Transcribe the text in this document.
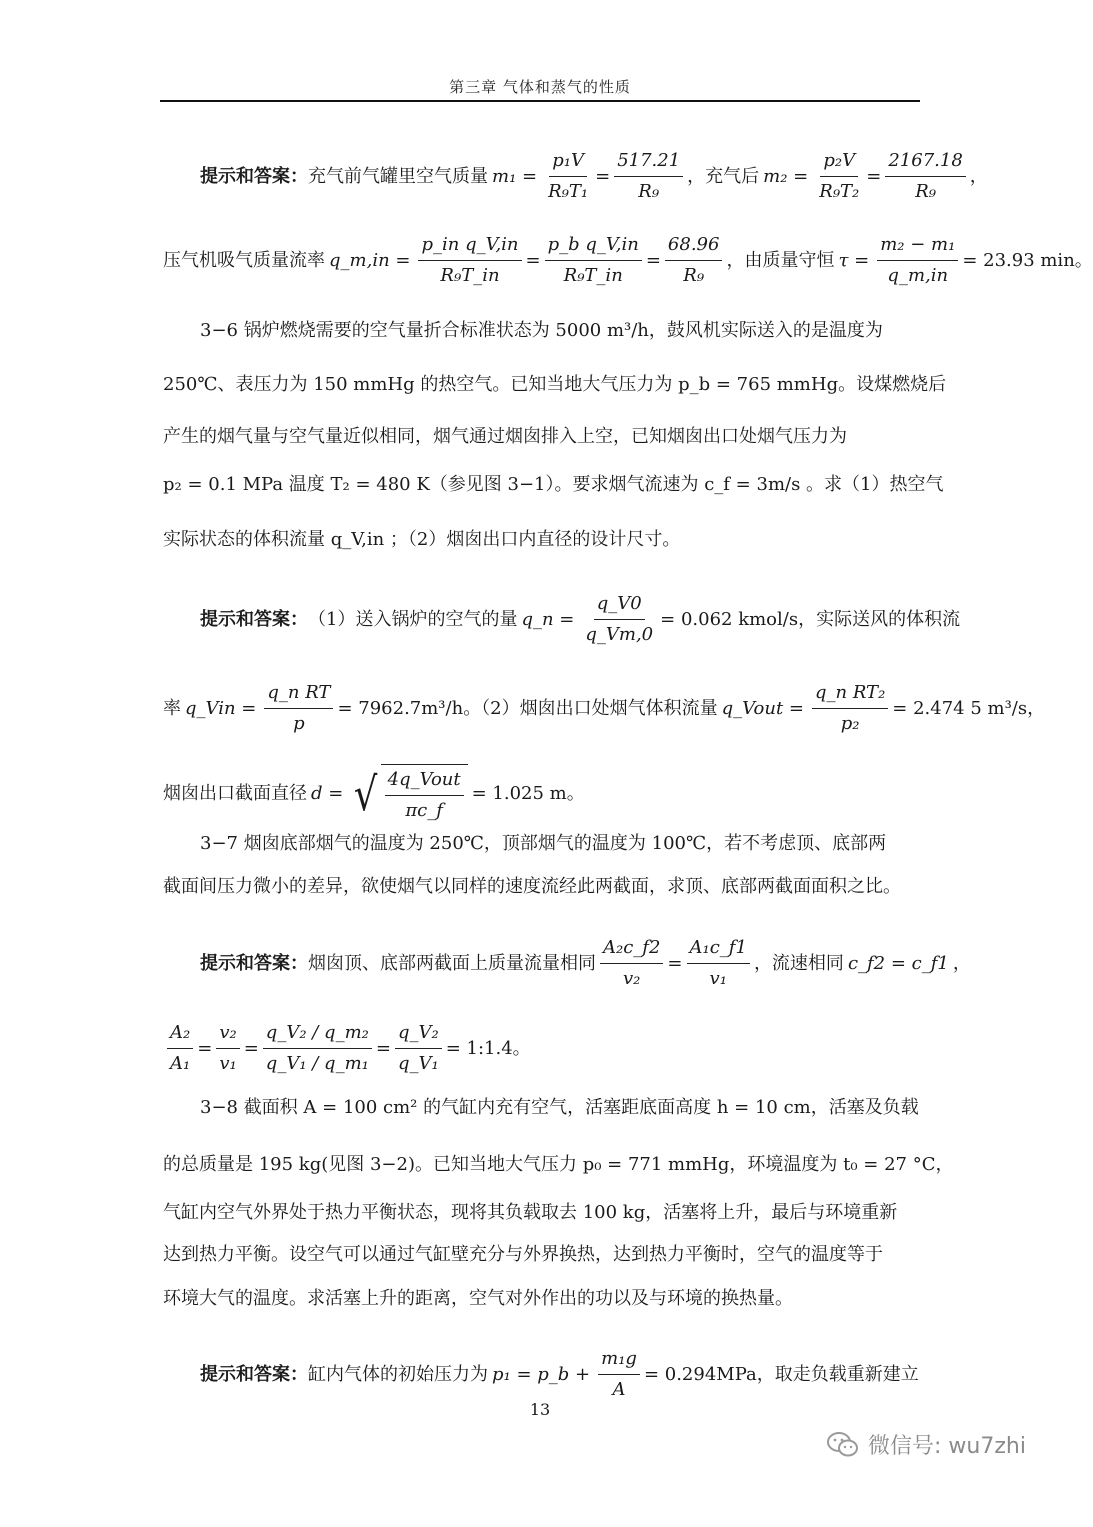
第三章 气体和蒸气的性质
提示和答案： 充气前气罐里空气质量 $m_1 = \frac{\text{p₁V}}{\text{R₉T₁}} = \frac{517.21}{\text{R₉}}$ ，充气后 $m_2 = \frac{\text{p₂V}}{\text{R₉T₂}} = \frac{2167.18}{\text{R₉}}$ ，
压气机吸气质量流率 q_m,in = $\frac{\text{p\_in q\_V,in}}{\text{R₉T\_in}} = \frac{\text{p\_b q\_V,in}}{\text{R₉T\_in}} = \frac{68.96}{\text{R₉}}$ ，由质量守恒 $\tau = \frac{\text{m₂ − m₁}}{q\_m,in} = 23.93$ min 。
3−6 锅炉燃烧需要的空气量折合标准状态为 5000 m³/h，鼓风机实际送入的是温度为
250℃、表压力为 150 mmHg 的热空气。已知当地大气压力为 p_b = 765 mmHg。设煤燃烧后
产生的烟气量与空气量近似相同，烟气通过烟囱排入上空，已知烟囱出口处烟气压力为
p₂ = 0.1 MPa 温度 T₂ = 480 K（参见图 3−1）。要求烟气流速为 c_f = 3m/s 。求（1）热空气
实际状态的体积流量 q_V,in ；（2）烟囱出口内直径的设计尺寸。
提示和答案： （1）送入锅炉的空气的量 q_n = $\frac{q\_V0}{q\_Vm,0} = 0.062$ kmol/s ，实际送风的体积流
率 q_Vin = $\frac{\text{q\_n RT}}{p} = 7962.7m^3/h$ 。（2）烟囱出口处烟气体积流量 q_Vout = $\frac{\text{q\_n RT₂}}{\text{p₂}} = 2.474$ 5 m³/s ，
烟囱出口截面直径 d = √ $\frac{\text{4q\_Vout}}{\pi c\_f} = 1.025$ m 。
3−7 烟囱底部烟气的温度为 250℃，顶部烟气的温度为 100℃，若不考虑顶、底部两
截面间压力微小的差异，欲使烟气以同样的速度流经此两截面，求顶、底部两截面面积之比。
提示和答案： 烟囱顶、底部两截面上质量流量相同 $\frac{\text{A₂c\_f2}}{\text{v₂}} = \frac{\text{A₁c\_f1}}{\text{v₁}}$ ，流速相同 c_f2 = c_f1 ，
$\frac{\text{A₂}}{\text{A₁}} = \frac{\text{v₂}}{\text{v₁}} = \frac{\text{q\_V₂ / q\_m₂}}{\text{q\_V₁ / q\_m₁}} = \frac{\text{q\_V₂}}{\text{q\_V₁}}$ = 1:1.4 。
3−8 截面积 A = 100 cm² 的气缸内充有空气，活塞距底面高度 h = 10 cm，活塞及负载
的总质量是 195 kg(见图 3−2)。已知当地大气压力 p₀ = 771 mmHg，环境温度为 t₀ = 27 °C，
气缸内空气外界处于热力平衡状态，现将其负载取去 100 kg，活塞将上升，最后与环境重新
达到热力平衡。设空气可以通过气缸壁充分与外界换热，达到热力平衡时，空气的温度等于
环境大气的温度。求活塞上升的距离，空气对外作出的功以及与环境的换热量。
提示和答案： 缸内气体的初始压力为 p₁ = p_b + $\frac{\text{m₁g}}{A} = 0.294MPa$ ，取走负载重新建立
13
微信号: wu7zhi
